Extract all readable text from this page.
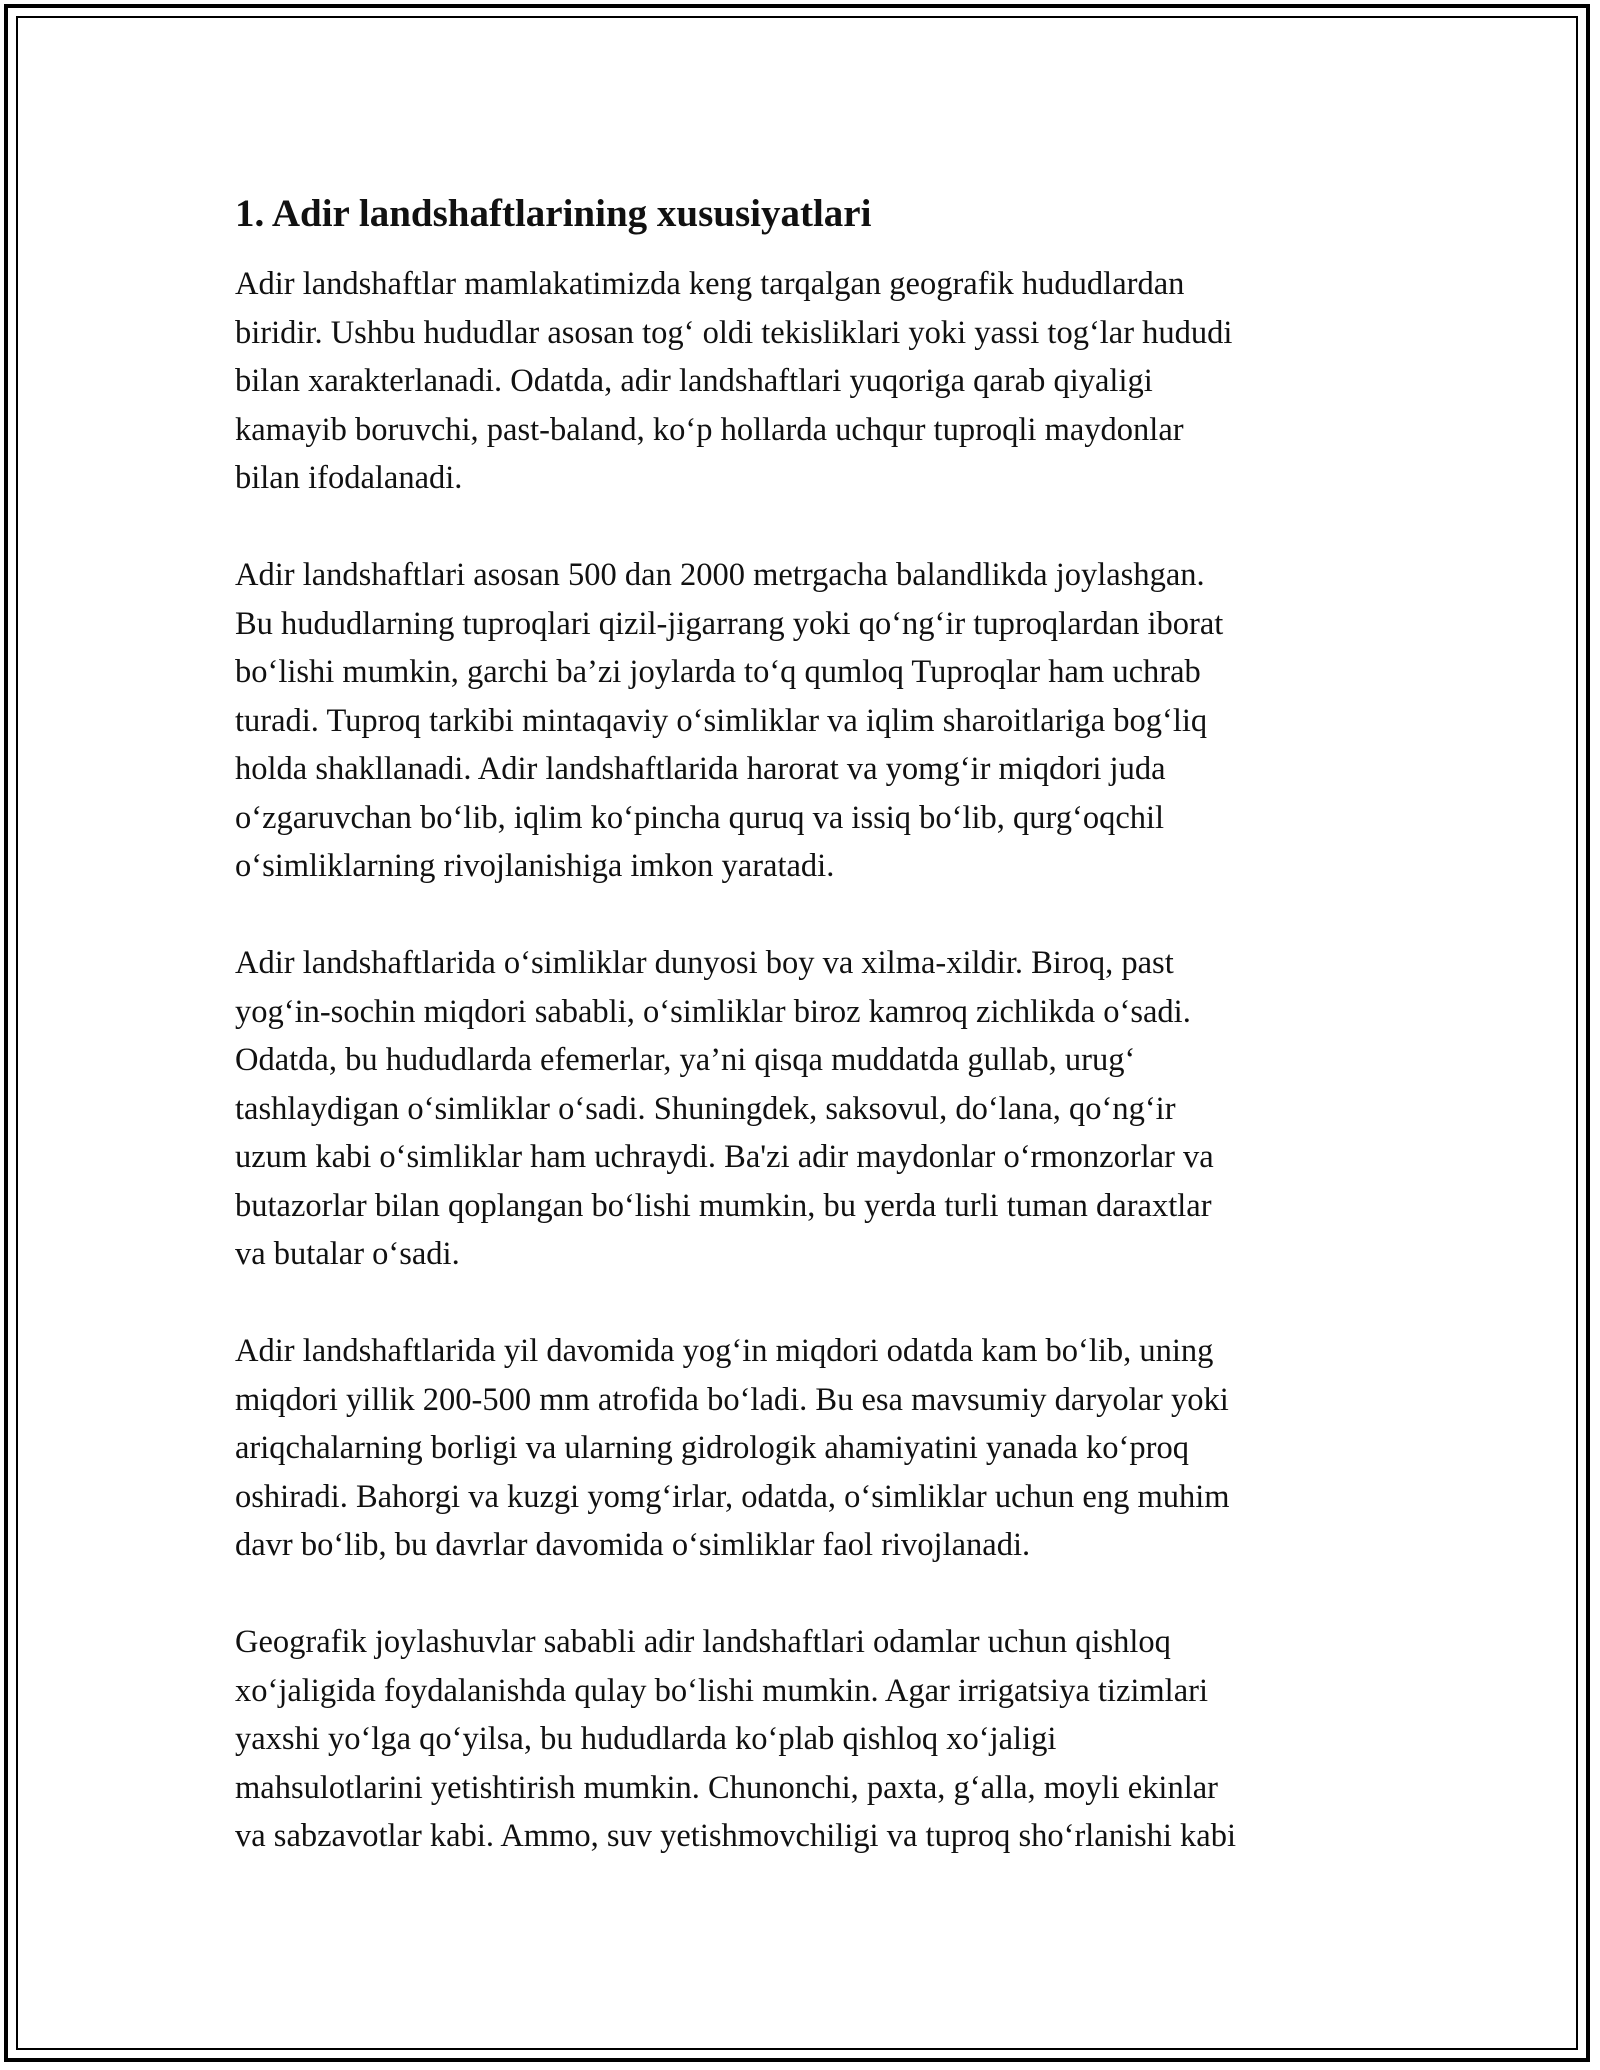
1. Adir landshaftlarining xususiyatlari

Adir landshaftlar mamlakatimizda keng tarqalgan geografik hududlardan
biridir. Ushbu hududlar asosan tog‘ oldi tekisliklari yoki yassi tog‘lar hududi
bilan xarakterlanadi. Odatda, adir landshaftlari yuqoriga qarab qiyaligi
kamayib boruvchi, past-baland, ko‘p hollarda uchqur tuproqli maydonlar
bilan ifodalanadi.

Adir landshaftlari asosan 500 dan 2000 metrgacha balandlikda joylashgan.
Bu hududlarning tuproqlari qizil-jigarrang yoki qo‘ng‘ir tuproqlardan iborat
bo‘lishi mumkin, garchi ba’zi joylarda to‘q qumloq Tuproqlar ham uchrab
turadi. Tuproq tarkibi mintaqaviy o‘simliklar va iqlim sharoitlariga bog‘liq
holda shakllanadi. Adir landshaftlarida harorat va yomg‘ir miqdori juda
o‘zgaruvchan bo‘lib, iqlim ko‘pincha quruq va issiq bo‘lib, qurg‘oqchil
o‘simliklarning rivojlanishiga imkon yaratadi.

Adir landshaftlarida o‘simliklar dunyosi boy va xilma-xildir. Biroq, past
yog‘in-sochin miqdori sababli, o‘simliklar biroz kamroq zichlikda o‘sadi.
Odatda, bu hududlarda efemerlar, ya’ni qisqa muddatda gullab, urug‘
tashlaydigan o‘simliklar o‘sadi. Shuningdek, saksovul, do‘lana, qo‘ng‘ir
uzum kabi o‘simliklar ham uchraydi. Ba'zi adir maydonlar o‘rmonzorlar va
butazorlar bilan qoplangan bo‘lishi mumkin, bu yerda turli tuman daraxtlar
va butalar o‘sadi.

Adir landshaftlarida yil davomida yog‘in miqdori odatda kam bo‘lib, uning
miqdori yillik 200-500 mm atrofida bo‘ladi. Bu esa mavsumiy daryolar yoki
ariqchalarning borligi va ularning gidrologik ahamiyatini yanada ko‘proq
oshiradi. Bahorgi va kuzgi yomg‘irlar, odatda, o‘simliklar uchun eng muhim
davr bo‘lib, bu davrlar davomida o‘simliklar faol rivojlanadi.

Geografik joylashuvlar sababli adir landshaftlari odamlar uchun qishloq
xo‘jaligida foydalanishda qulay bo‘lishi mumkin. Agar irrigatsiya tizimlari
yaxshi yo‘lga qo‘yilsa, bu hududlarda ko‘plab qishloq xo‘jaligi
mahsulotlarini yetishtirish mumkin. Chunonchi, paxta, g‘alla, moyli ekinlar
va sabzavotlar kabi. Ammo, suv yetishmovchiligi va tuproq sho‘rlanishi kabi
